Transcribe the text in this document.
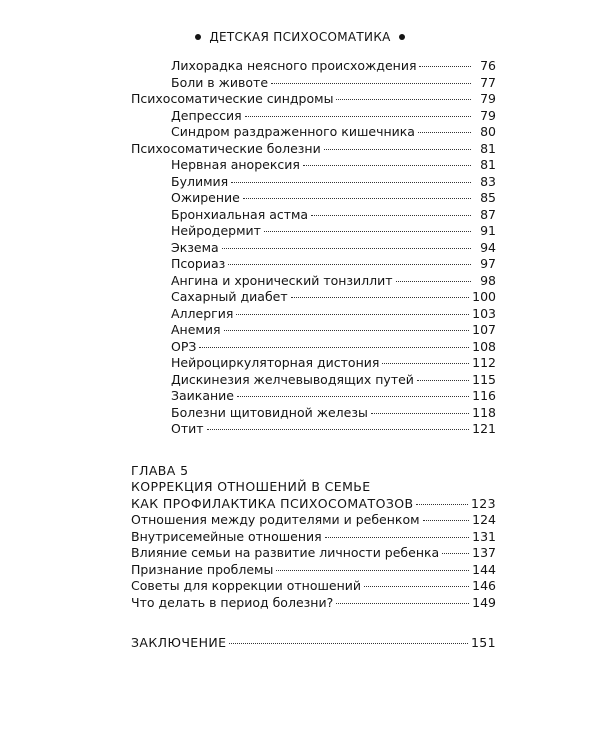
ДЕТСКАЯ ПСИХОСОМАТИКА
Лихорадка неясного происхождения	76
Боли в животе	77
Психосоматические синдромы	79
Депрессия	79
Синдром раздраженного кишечника	80
Психосоматические болезни	81
Нервная анорексия	81
Булимия	83
Ожирение	85
Бронхиальная астма	87
Нейродермит	91
Экзема	94
Псориаз	97
Ангина и хронический тонзиллит	98
Сахарный диабет	100
Аллергия	103
Анемия	107
ОРЗ	108
Нейроциркуляторная дистония	112
Дискинезия желчевыводящих путей	115
Заикание	116
Болезни щитовидной железы	118
Отит	121
ГЛАВА 5
КОРРЕКЦИЯ ОТНОШЕНИЙ В СЕМЬЕ
КАК ПРОФИЛАКТИКА ПСИХОСОМАТОЗОВ	123
Отношения между родителями и ребенком	124
Внутрисемейные отношения	131
Влияние семьи на развитие личности ребенка	137
Признание проблемы	144
Советы для коррекции отношений	146
Что делать в период болезни?	149
ЗАКЛЮЧЕНИЕ	151
